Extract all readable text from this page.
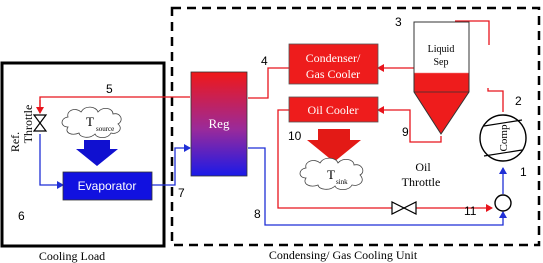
Reg
Condenser/
Gas Cooler
Oil Cooler
Liquid
Sep
Comp
T source
Evaporator
T sink
Ref. Throttle
Oil
Throttle
Cooling Load	Condensing/ Gas Cooling Unit
1
2
3
4
5
6
7
8
9
10
11
